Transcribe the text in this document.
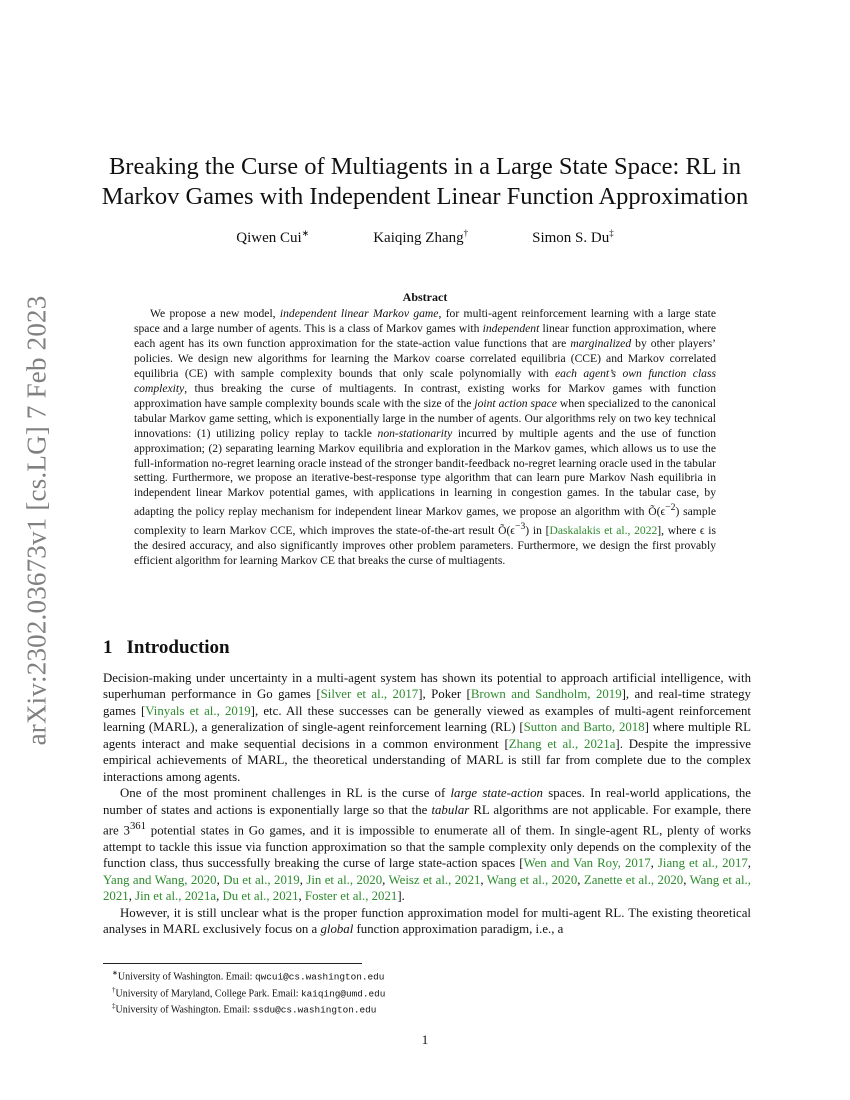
arXiv:2302.03673v1 [cs.LG] 7 Feb 2023
Breaking the Curse of Multiagents in a Large State Space: RL in Markov Games with Independent Linear Function Approximation
Qiwen Cui∗	Kaiqing Zhang†	Simon S. Du‡
Abstract

We propose a new model, independent linear Markov game, for multi-agent reinforcement learning with a large state space and a large number of agents. This is a class of Markov games with independent linear function approximation, where each agent has its own function approximation for the state-action value functions that are marginalized by other players’ policies. We design new algorithms for learning the Markov coarse correlated equilibria (CCE) and Markov correlated equilibria (CE) with sample complexity bounds that only scale polynomially with each agent’s own function class complexity, thus breaking the curse of multiagents. In contrast, existing works for Markov games with function approximation have sample complexity bounds scale with the size of the joint action space when specialized to the canonical tabular Markov game setting, which is exponentially large in the number of agents. Our algorithms rely on two key technical innovations: (1) utilizing policy replay to tackle non-stationarity incurred by multiple agents and the use of function approximation; (2) separating learning Markov equilibria and exploration in the Markov games, which allows us to use the full-information no-regret learning oracle instead of the stronger bandit-feedback no-regret learning oracle used in the tabular setting. Furthermore, we propose an iterative-best-response type algorithm that can learn pure Markov Nash equilibria in independent linear Markov potential games, with applications in learning in congestion games. In the tabular case, by adapting the policy replay mechanism for independent linear Markov games, we propose an algorithm with $Õ(\epsilon^{-2})$ sample complexity to learn Markov CCE, which improves the state-of-the-art result $Õ(\epsilon^{-3})$ in [Daskalakis et al., 2022], where ϵ is the desired accuracy, and also significantly improves other problem parameters. Furthermore, we design the first provably efficient algorithm for learning Markov CE that breaks the curse of multiagents.

1 Introduction

Decision-making under uncertainty in a multi-agent system has shown its potential to approach artificial intelligence, with superhuman performance in Go games [Silver et al., 2017], Poker [Brown and Sandholm, 2019], and real-time strategy games [Vinyals et al., 2019], etc. All these successes can be generally viewed as examples of multi-agent reinforcement learning (MARL), a generalization of single-agent reinforcement learning (RL) [Sutton and Barto, 2018] where multiple RL agents interact and make sequential decisions in a common environment [Zhang et al., 2021a]. Despite the impressive empirical achievements of MARL, the theoretical understanding of MARL is still far from complete due to the complex interactions among agents.

One of the most prominent challenges in RL is the curse of large state-action spaces. In real-world applications, the number of states and actions is exponentially large so that the tabular RL algorithms are not applicable. For example, there are $3^{361}$ potential states in Go games, and it is impossible to enumerate all of them. In single-agent RL, plenty of works attempt to tackle this issue via function approximation so that the sample complexity only depends on the complexity of the function class, thus successfully breaking the curse of large state-action spaces [Wen and Van Roy, 2017, Jiang et al., 2017, Yang and Wang, 2020, Du et al., 2019, Jin et al., 2020, Weisz et al., 2021, Wang et al., 2020, Zanette et al., 2020, Wang et al., 2021, Jin et al., 2021a, Du et al., 2021, Foster et al., 2021].

However, it is still unclear what is the proper function approximation model for multi-agent RL. The existing theoretical analyses in MARL exclusively focus on a global function approximation paradigm, i.e., a

∗University of Washington. Email: qwcui@cs.washington.edu
†University of Maryland, College Park. Email: kaiqing@umd.edu
‡University of Washington. Email: ssdu@cs.washington.edu
1
